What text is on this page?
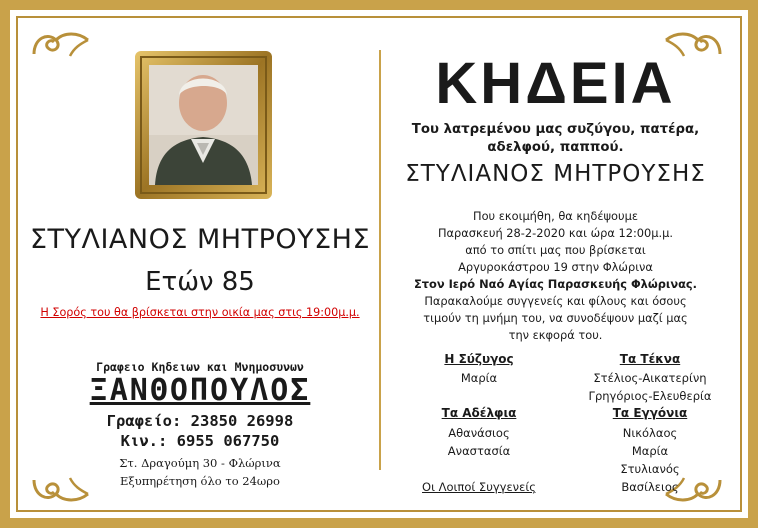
ΣΤΥΛΙΑΝΟΣ ΜΗΤΡΟΥΣΗΣ
Ετών 85
Η Σορός του θα βρίσκεται στην οικία μας στις 19:00μ.μ.
Γραφειο Κηδειων και Μνημοσυνων
ΞΑΝΘΟΠΟΥΛΟΣ
Γραφείο: 23850 26998
Κιν.: 6955 067750
Στ. Δραγούμη 30 - Φλώρινα
Εξυπηρέτηση όλο το 24ωρο
ΚΗΔΕΙΑ
Του λατρεμένου μας συζύγου, πατέρα,
αδελφού, παππού.
ΣΤΥΛΙΑΝΟΣ ΜΗΤΡΟΥΣΗΣ
Που εκοιμήθη, θα κηδέψουμε
Παρασκευή 28-2-2020 και ώρα 12:00μ.μ.
από το σπίτι μας που βρίσκεται
Αργυροκάστρου 19 στην Φλώρινα
Στον Ιερό Ναό Αγίας Παρασκευής Φλώρινας.
Παρακαλούμε συγγενείς και φίλους και όσους
τιμούν τη μνήμη του, να συνοδέψουν μαζί μας
την εκφορά του.
Η Σύζυγος
Μαρία
Τα Τέκνα
Στέλιος-Αικατερίνη
Γρηγόριος-Ελευθερία
Τα Αδέλφια
Αθανάσιος
Αναστασία
Τα Εγγόνια
Νικόλαος
Μαρία
Στυλιανός
Βασίλειος
Οι Λοιποί Συγγενείς
